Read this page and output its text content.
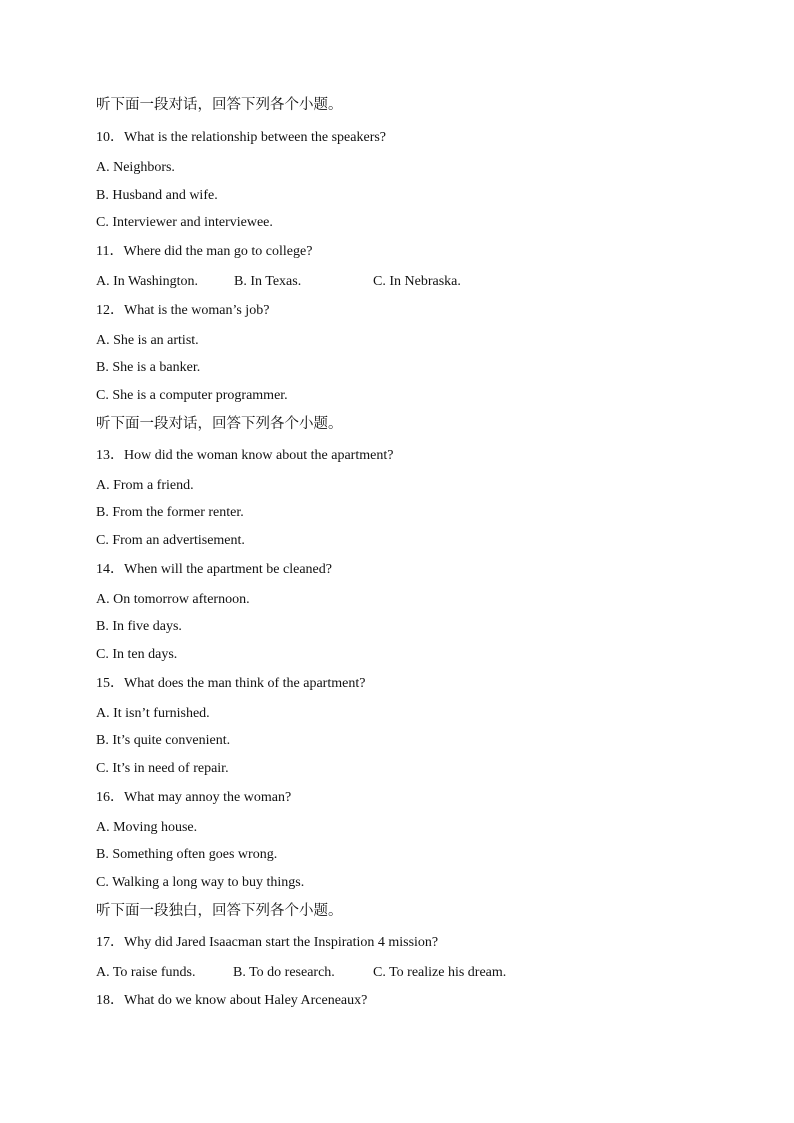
听下面一段对话，回答下列各个小题。
10．What is the relationship between the speakers?
A. Neighbors.
B. Husband and wife.
C. Interviewer and interviewee.
11．Where did the man go to college?
A. In Washington.	B. In Texas.	C. In Nebraska.
12．What is the woman’s job?
A. She is an artist.
B. She is a banker.
C. She is a computer programmer.
听下面一段对话，回答下列各个小题。
13．How did the woman know about the apartment?
A. From a friend.
B. From the former renter.
C. From an advertisement.
14．When will the apartment be cleaned?
A. On tomorrow afternoon.
B. In five days.
C. In ten days.
15．What does the man think of the apartment?
A. It isn’t furnished.
B. It’s quite convenient.
C. It’s in need of repair.
16．What may annoy the woman?
A. Moving house.
B. Something often goes wrong.
C. Walking a long way to buy things.
听下面一段独白，回答下列各个小题。
17．Why did Jared Isaacman start the Inspiration 4 mission?
A. To raise funds.	B. To do research.	C. To realize his dream.
18．What do we know about Haley Arceneaux?
